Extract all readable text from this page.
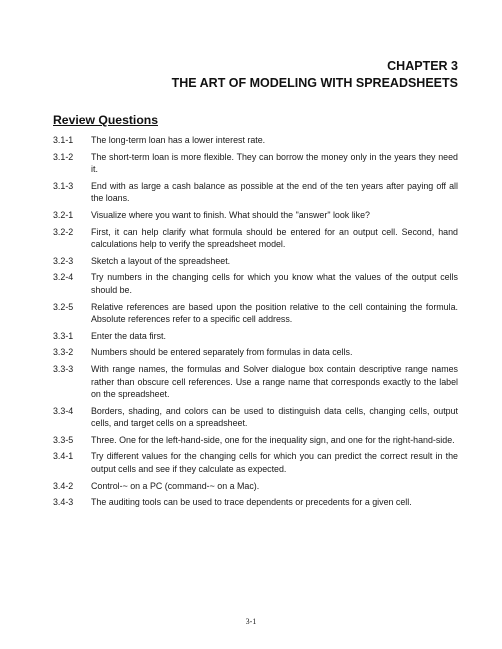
CHAPTER 3
THE ART OF MODELING WITH SPREADSHEETS
Review Questions
3.1-1	The long-term loan has a lower interest rate.
3.1-2	The short-term loan is more flexible. They can borrow the money only in the years they need it.
3.1-3	End with as large a cash balance as possible at the end of the ten years after paying off all the loans.
3.2-1	Visualize where you want to finish. What should the "answer" look like?
3.2-2	First, it can help clarify what formula should be entered for an output cell. Second, hand calculations help to verify the spreadsheet model.
3.2-3	Sketch a layout of the spreadsheet.
3.2-4	Try numbers in the changing cells for which you know what the values of the output cells should be.
3.2-5	Relative references are based upon the position relative to the cell containing the formula. Absolute references refer to a specific cell address.
3.3-1	Enter the data first.
3.3-2	Numbers should be entered separately from formulas in data cells.
3.3-3	With range names, the formulas and Solver dialogue box contain descriptive range names rather than obscure cell references. Use a range name that corresponds exactly to the label on the spreadsheet.
3.3-4	Borders, shading, and colors can be used to distinguish data cells, changing cells, output cells, and target cells on a spreadsheet.
3.3-5	Three. One for the left-hand-side, one for the inequality sign, and one for the right-hand-side.
3.4-1	Try different values for the changing cells for which you can predict the correct result in the output cells and see if they calculate as expected.
3.4-2	Control-~ on a PC (command-~ on a Mac).
3.4-3	The auditing tools can be used to trace dependents or precedents for a given cell.
3-1
